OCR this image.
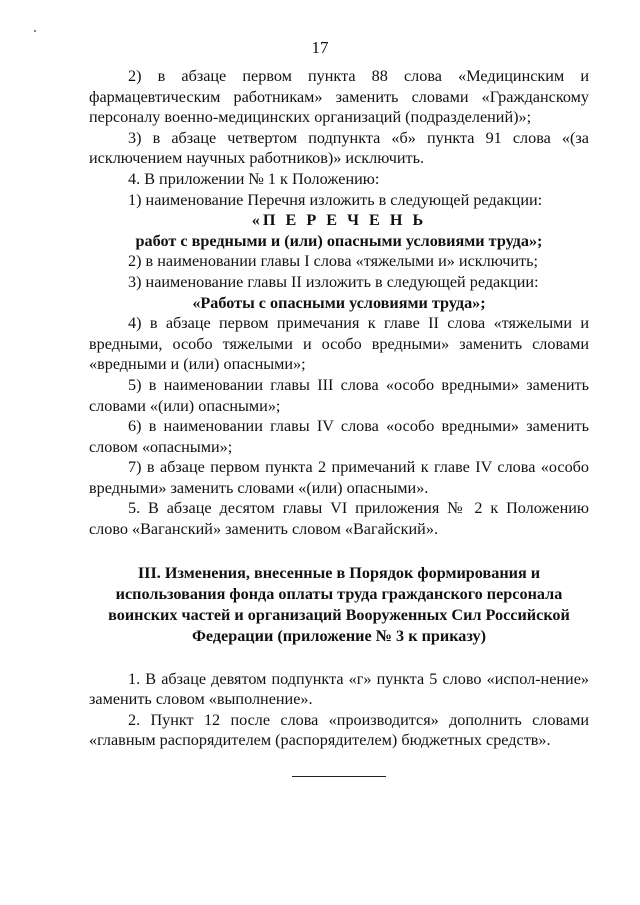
17

2) в абзаце первом пункта 88 слова «Медицинским и фармацевтическим работникам» заменить словами «Гражданскому персоналу военно-медицинских организаций (подразделений)»;

3) в абзаце четвертом подпункта «б» пункта 91 слова «(за исключением научных работников)» исключить.

4. В приложении № 1 к Положению:

1) наименование Перечня изложить в следующей редакции:

«П Е Р Е Ч Е Н Ь

работ с вредными и (или) опасными условиями труда»;

2) в наименовании главы I слова «тяжелыми и» исключить;

3) наименование главы II изложить в следующей редакции:

«Работы с опасными условиями труда»;

4) в абзаце первом примечания к главе II слова «тяжелыми и вредными, особо тяжелыми и особо вредными» заменить словами «вредными и (или) опасными»;

5) в наименовании главы III слова «особо вредными» заменить словами «(или) опасными»;

6) в наименовании главы IV слова «особо вредными» заменить словом «опасными»;

7) в абзаце первом пункта 2 примечаний к главе IV слова «особо вредными» заменить словами «(или) опасными».

5. В абзаце десятом главы VI приложения № 2 к Положению слово «Ваганский» заменить словом «Вагайский».

III. Изменения, внесенные в Порядок формирования и

использования фонда оплаты труда гражданского персонала

воинских частей и организаций Вооруженных Сил Российской

Федерации (приложение № 3 к приказу)

1. В абзаце девятом подпункта «г» пункта 5 слово «испол-нение» заменить словом «выполнение».

2. Пункт 12 после слова «производится» дополнить словами «главным распорядителем (распорядителем) бюджетных средств».
